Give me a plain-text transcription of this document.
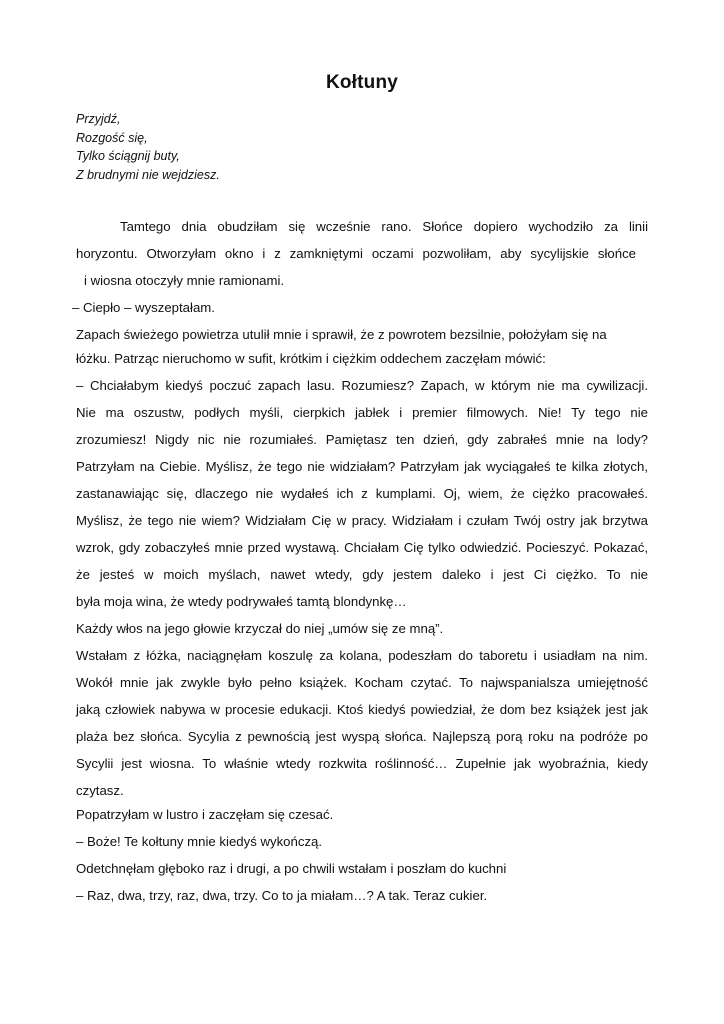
Kołtuny
Przyjdź,
Rozgość się,
Tylko ściągnij buty,
Z brudnymi nie wejdziesz.
Tamtego dnia obudziłam się wcześnie rano. Słońce dopiero wychodziło za linii
horyzontu. Otworzyłam okno i z zamkniętymi oczami pozwoliłam, aby sycylijskie słońce
i wiosna otoczyły mnie ramionami.
– Ciepło – wyszeptałam.
Zapach świeżego powietrza utulił mnie i sprawił, że z powrotem bezsilnie, położyłam się na
łóżku. Patrząc nieruchomo w sufit, krótkim i ciężkim oddechem zaczęłam mówić:
– Chciałabym kiedyś poczuć zapach lasu. Rozumiesz? Zapach, w którym nie ma cywilizacji.
Nie ma oszustw, podłych myśli, cierpkich jabłek i premier filmowych. Nie! Ty tego nie
zrozumiesz! Nigdy nic nie rozumiałeś. Pamiętasz ten dzień, gdy zabrałeś mnie na lody?
Patrzyłam na Ciebie. Myślisz, że tego nie widziałam? Patrzyłam jak wyciągałeś te kilka złotych,
zastanawiając się, dlaczego nie wydałeś ich z kumplami. Oj, wiem, że ciężko pracowałeś.
Myślisz, że tego nie wiem? Widziałam Cię w pracy. Widziałam i czułam Twój ostry jak brzytwa
wzrok, gdy zobaczyłeś mnie przed wystawą. Chciałam Cię tylko odwiedzić. Pocieszyć. Pokazać,
że jesteś w moich myślach, nawet wtedy, gdy jestem daleko i jest Ci ciężko. To nie
była moja wina, że wtedy podrywałeś tamtą blondynkę…
Każdy włos na jego głowie krzyczał do niej „umów się ze mną”.
Wstałam z łóżka, naciągnęłam koszulę za kolana, podeszłam do taboretu i usiadłam na nim.
Wokół mnie jak zwykle było pełno książek. Kocham czytać. To najwspanialsza umiejętność
jaką człowiek nabywa w procesie edukacji. Ktoś kiedyś powiedział, że dom bez książek jest jak
plaża bez słońca. Sycylia z pewnością jest wyspą słońca. Najlepszą porą roku na podróże po
Sycylii jest wiosna. To właśnie wtedy rozkwita roślinność… Zupełnie jak wyobraźnia, kiedy
czytasz.
Popatrzyłam w lustro i zaczęłam się czesać.
– Boże! Te kołtuny mnie kiedyś wykończą.
Odetchnęłam głęboko raz i drugi, a po chwili wstałam i poszłam do kuchni
– Raz, dwa, trzy, raz, dwa, trzy. Co to ja miałam…? A tak. Teraz cukier.
